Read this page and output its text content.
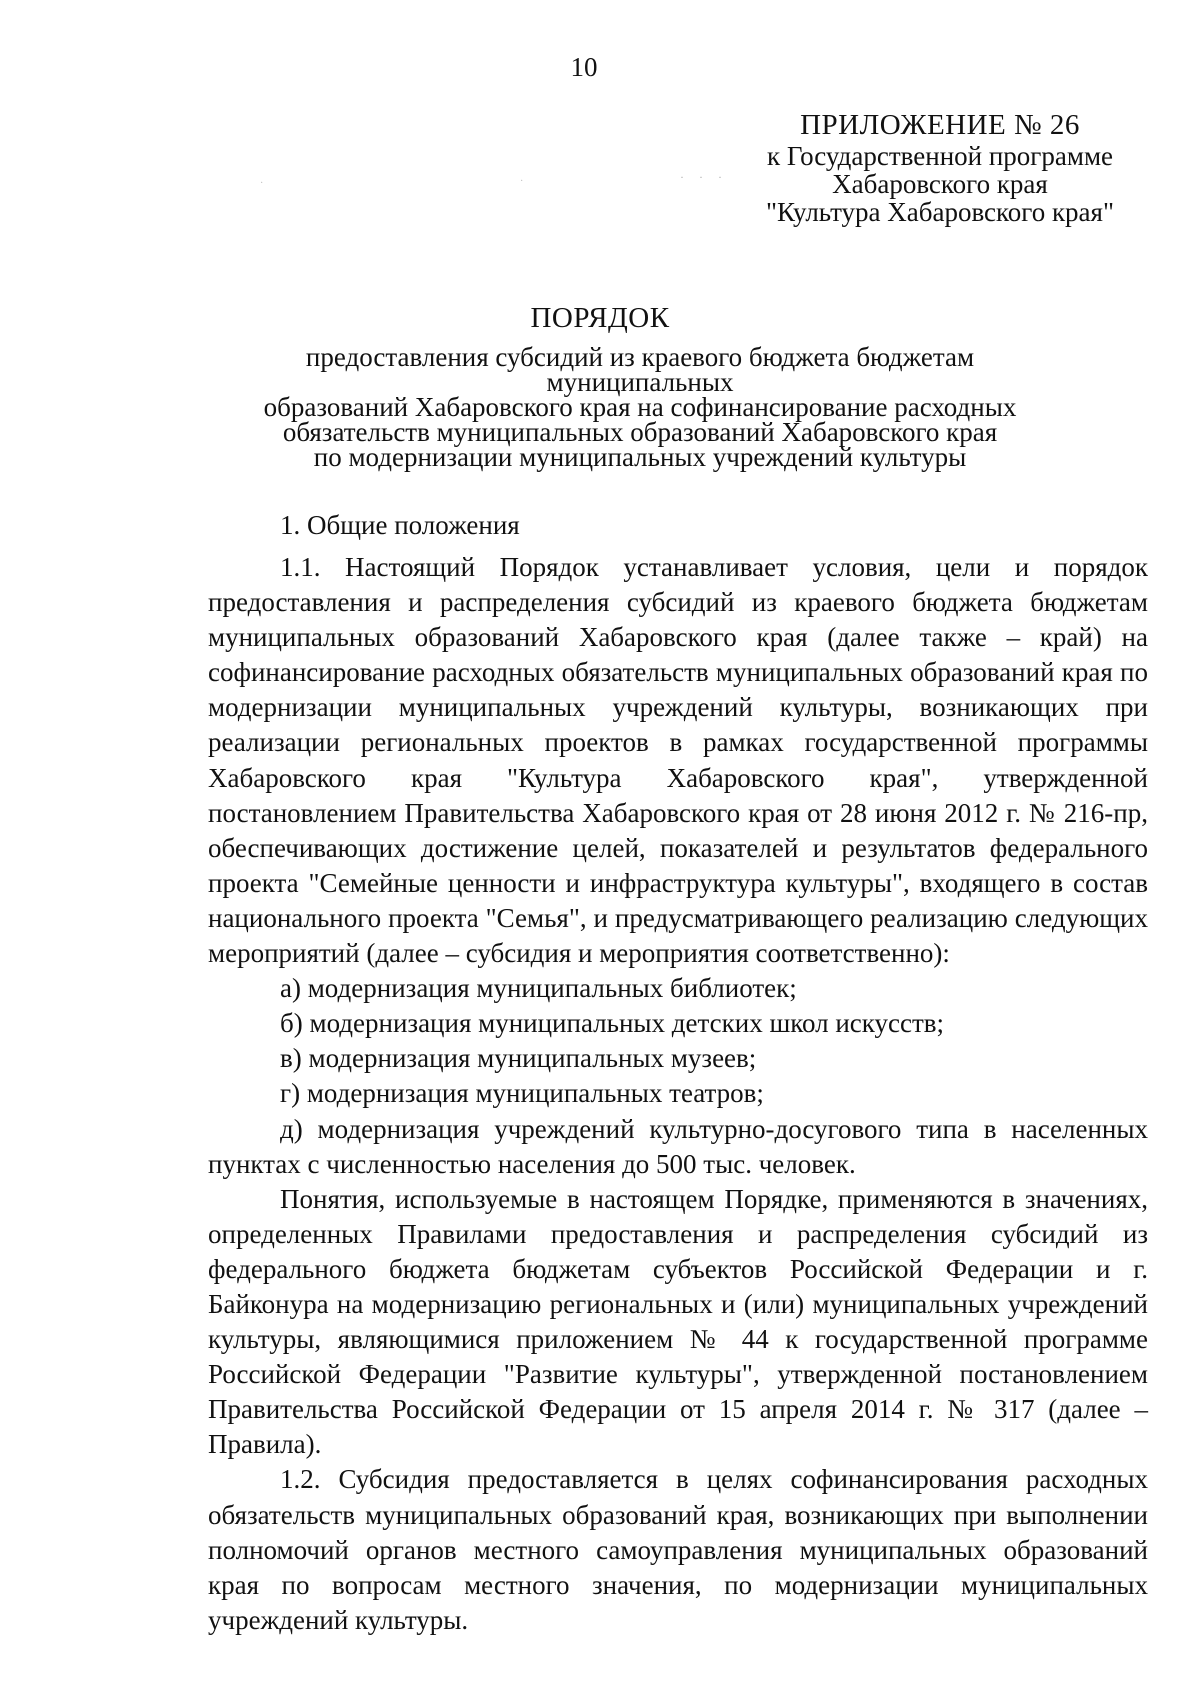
10
ПРИЛОЖЕНИЕ № 26
к Государственной программе
Хабаровского края
"Культура Хабаровского края"
· · ·
·	·
ПОРЯДОК
предоставления субсидий из краевого бюджета бюджетам муниципальных
образований Хабаровского края на софинансирование расходных
обязательств муниципальных образований Хабаровского края
по модернизации муниципальных учреждений культуры
1. Общие положения

1.1. Настоящий Порядок устанавливает условия, цели и порядок предоставления и распределения субсидий из краевого бюджета бюджетам муниципальных образований Хабаровского края (далее также – край) на софинансирование расходных обязательств муниципальных образований края по модернизации муниципальных учреждений культуры, возникающих при реализации региональных проектов в рамках государственной программы Хабаровского края "Культура Хабаровского края", утвержденной постановлением Правительства Хабаровского края от 28 июня 2012 г. № 216-пр, обеспечивающих достижение целей, показателей и результатов федерального проекта "Семейные ценности и инфраструктура культуры", входящего в состав национального проекта "Семья", и предусматривающего реализацию следующих мероприятий (далее – субсидия и мероприятия соответственно):

а) модернизация муниципальных библиотек;

б) модернизация муниципальных детских школ искусств;

в) модернизация муниципальных музеев;

г) модернизация муниципальных театров;

д) модернизация учреждений культурно-досугового типа в населенных пунктах с численностью населения до 500 тыс. человек.

Понятия, используемые в настоящем Порядке, применяются в значениях, определенных Правилами предоставления и распределения субсидий из федерального бюджета бюджетам субъектов Российской Федерации и г. Байконура на модернизацию региональных и (или) муниципальных учреждений культуры, являющимися приложением № 44 к государственной программе Российской Федерации "Развитие культуры", утвержденной постановлением Правительства Российской Федерации от 15 апреля 2014 г. № 317 (далее – Правила).

1.2. Субсидия предоставляется в целях софинансирования расходных обязательств муниципальных образований края, возникающих при выполнении полномочий органов местного самоуправления муниципальных образований края по вопросам местного значения, по модернизации муниципальных учреждений культуры.
